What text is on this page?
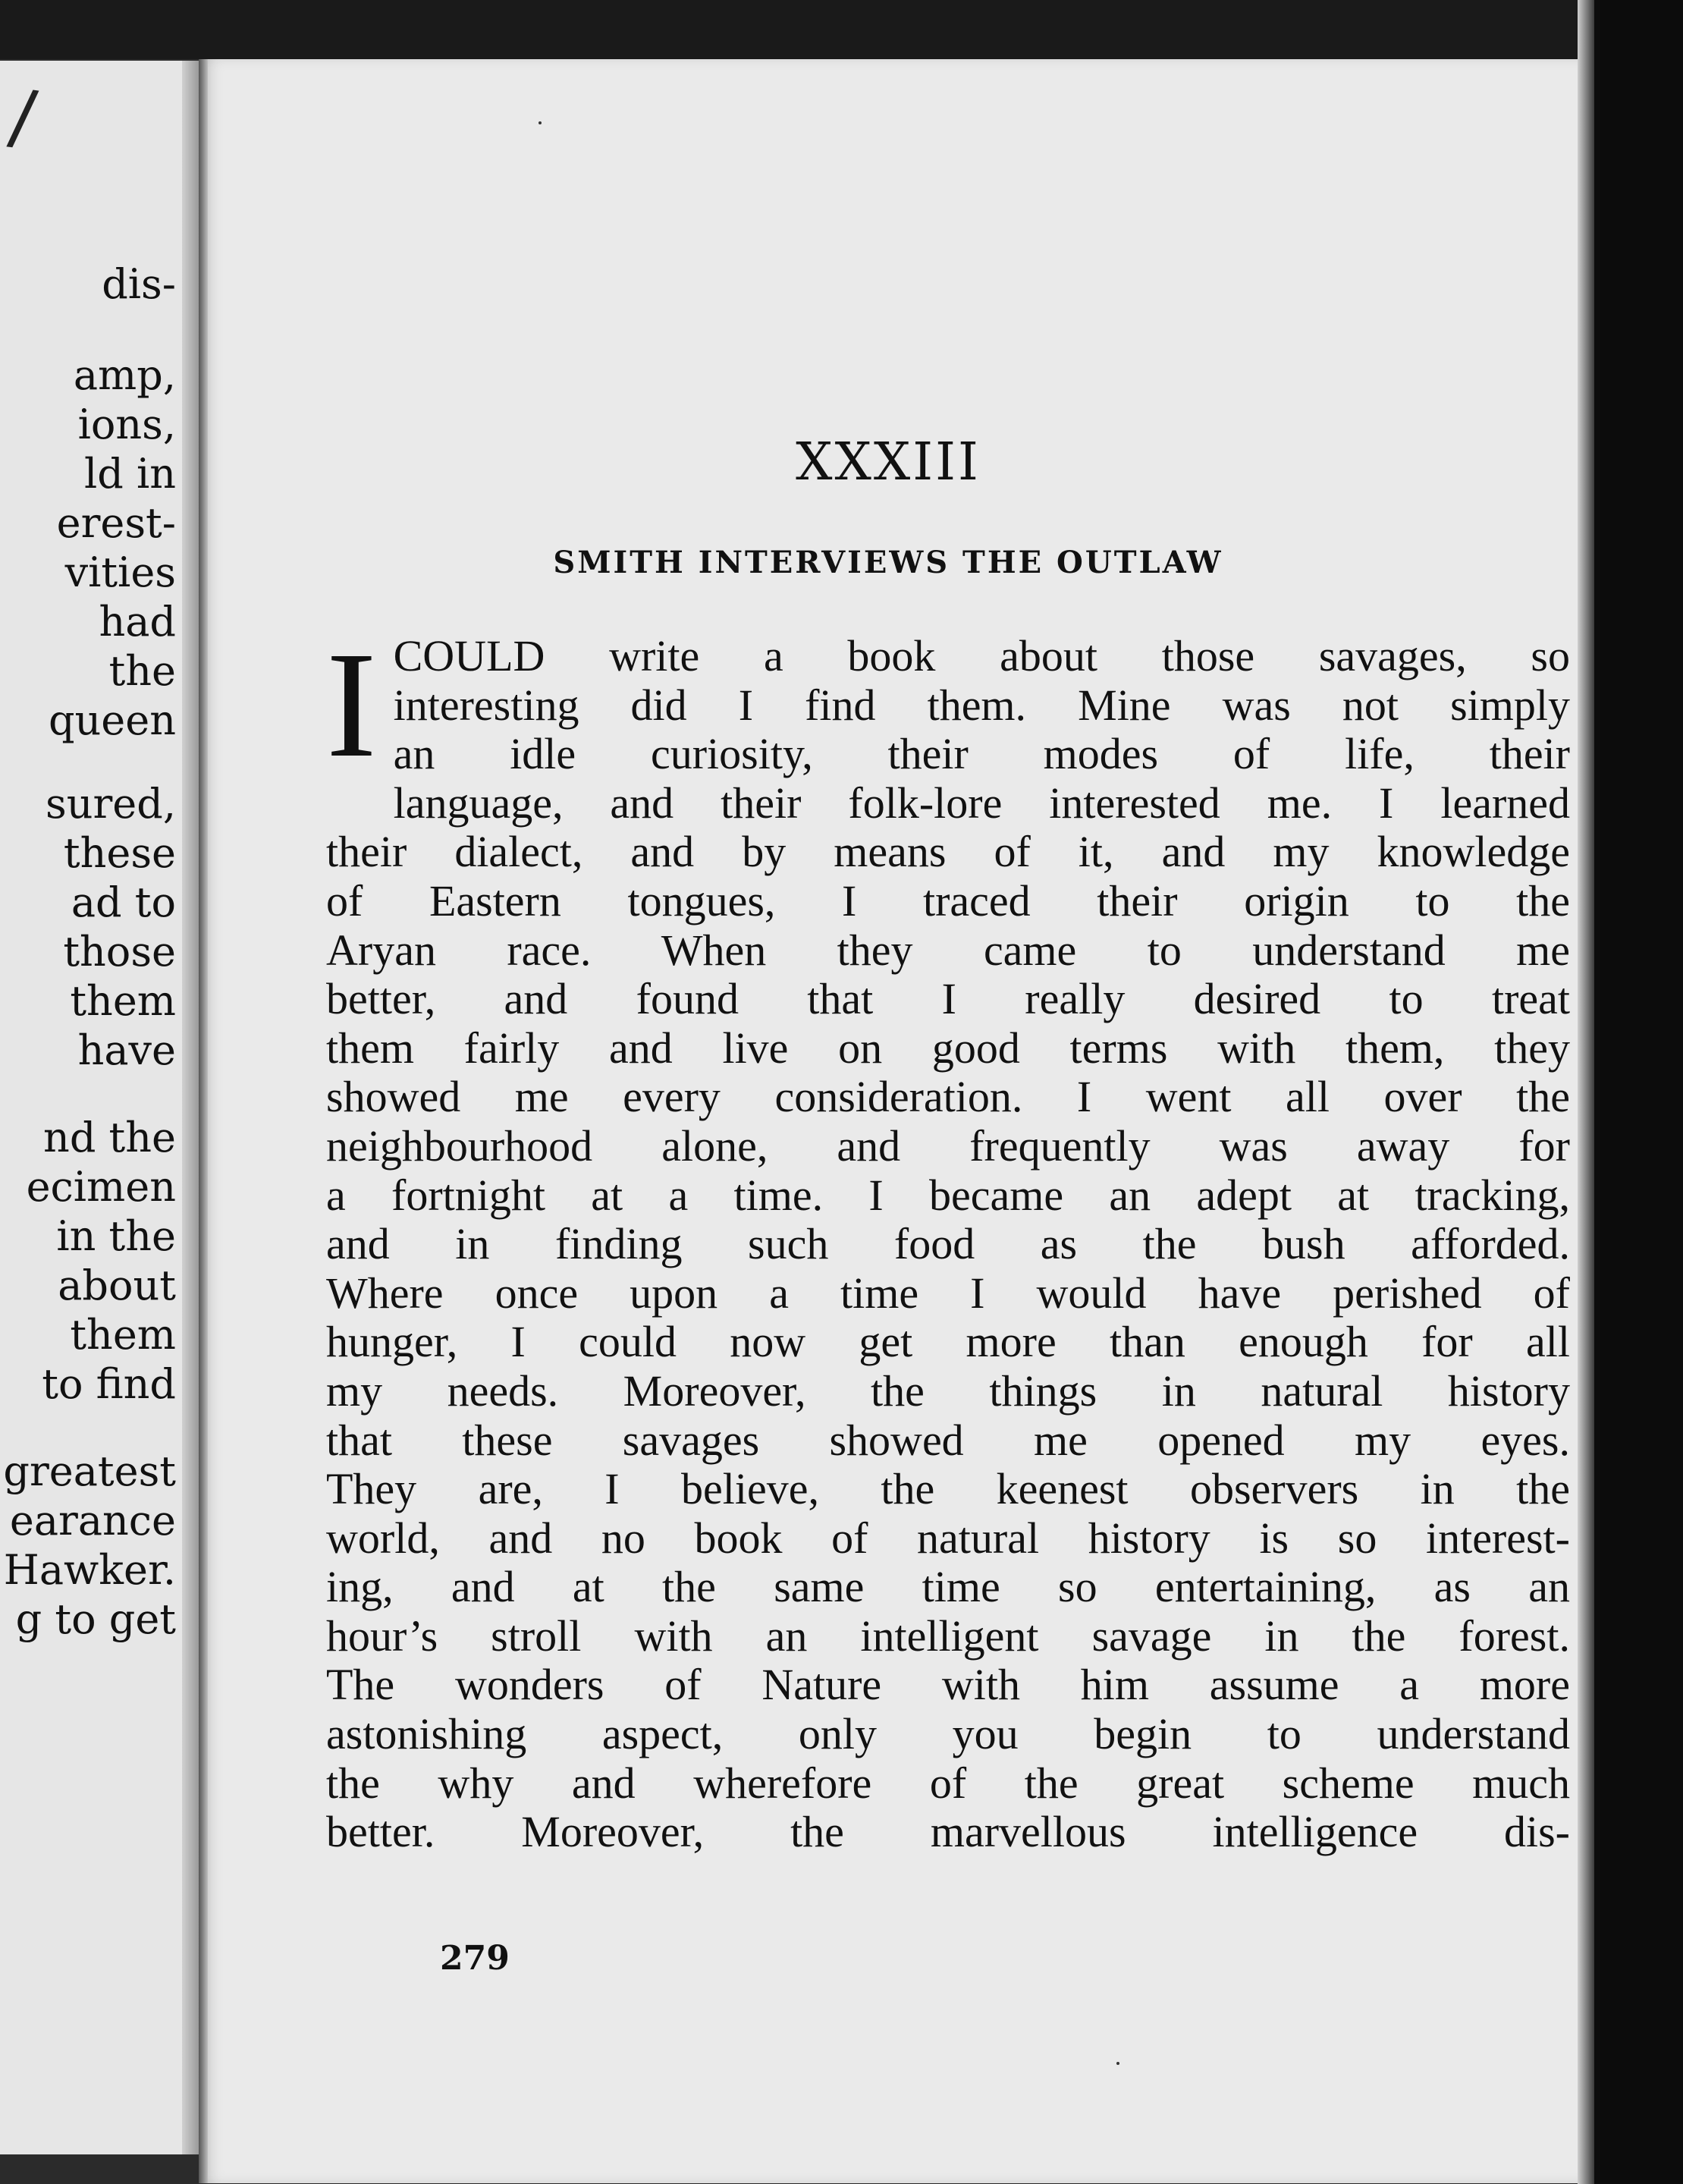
/
dis-
amp,
ions,
ld in
erest-
vities
had
the
queen
sured,
these
ad to
those
them
have
nd the
ecimen
in the
about
them
to find
greatest
earance
Hawker.
g to get
XXXIII
SMITH INTERVIEWS THE OUTLAW
I COULD write a book about those savages, so
interesting did I find them. Mine was not simply
an idle curiosity, their modes of life, their
language, and their folk-lore interested me. I learned
their dialect, and by means of it, and my knowledge
of Eastern tongues, I traced their origin to the
Aryan race. When they came to understand me
better, and found that I really desired to treat
them fairly and live on good terms with them, they
showed me every consideration. I went all over the
neighbourhood alone, and frequently was away for
a fortnight at a time. I became an adept at tracking,
and in finding such food as the bush afforded.
Where once upon a time I would have perished of
hunger, I could now get more than enough for all
my needs. Moreover, the things in natural history
that these savages showed me opened my eyes.
They are, I believe, the keenest observers in the
world, and no book of natural history is so interest-
ing, and at the same time so entertaining, as an
hour’s stroll with an intelligent savage in the forest.
The wonders of Nature with him assume a more
astonishing aspect, only you begin to understand
the why and wherefore of the great scheme much
better. Moreover, the marvellous intelligence dis-

279
